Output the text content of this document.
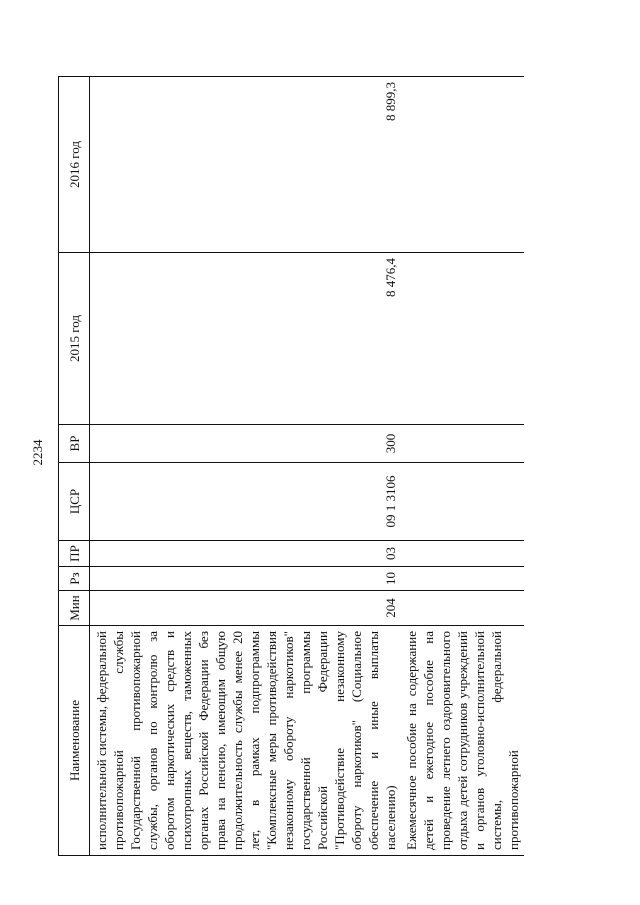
2234
Наименование	Мин	Рз	ПР	ЦСР	ВР	2015 год	2016 год
исполнительной системы, федеральной противопожарной службы Государственной противопожарной службы, органов по контролю за оборотом наркотических средств и психотропных веществ, таможенных органах Российской Федерации без права на пенсию, имеющим общую продолжительность службы менее 20 лет, в рамках подпрограммы "Комплексные меры противодействия незаконному обороту наркотиков" государственной программы Российской Федерации "Противодействие незаконному обороту наркотиков" (Социальное обеспечение и иные выплаты населению)	204	10	03	09 1 3106	300	8 476,4	8 899,3
Ежемесячное пособие на содержание детей и ежегодное пособие на проведение летнего оздоровительного отдыха детей сотрудников учреждений и органов уголовно-исполнительной системы, федеральной противопожарной							
